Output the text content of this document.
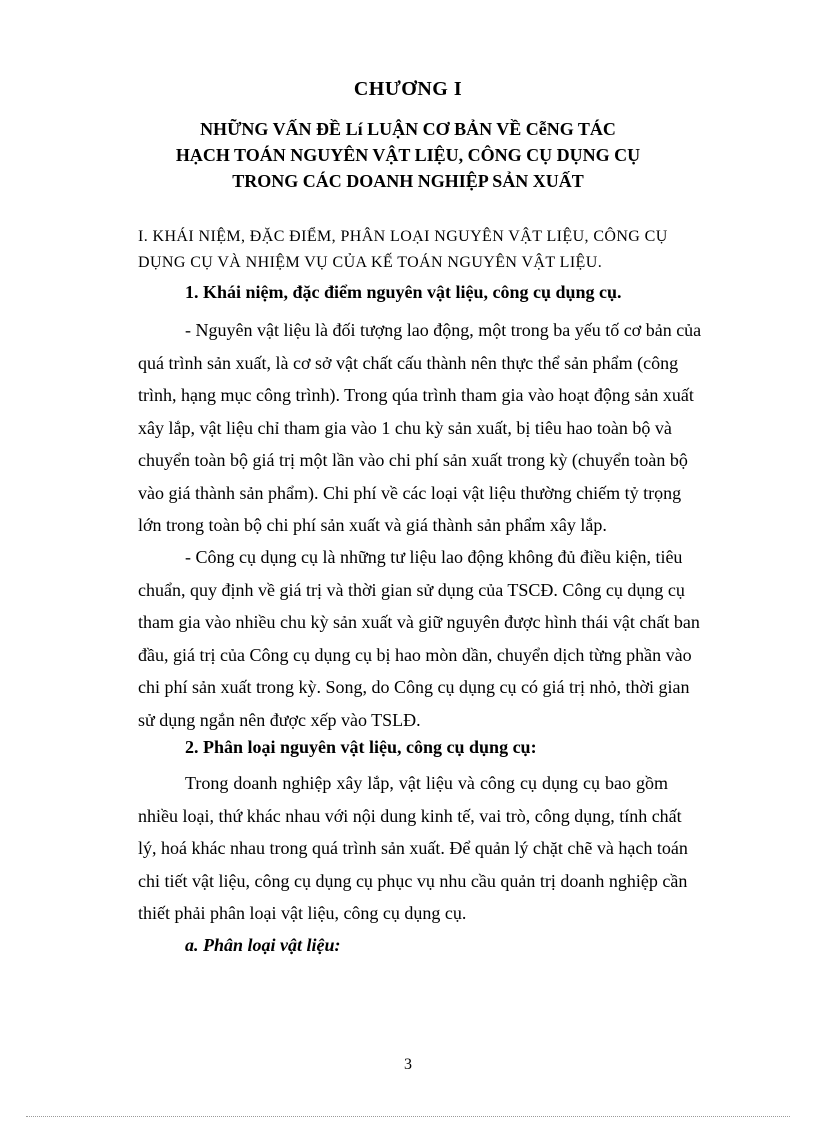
CHƯƠNG I
NHỮNG VẤN ĐỀ Lí LUẬN CƠ BẢN VỀ CễNG TÁC
HẠCH TOÁN NGUYÊN VẬT LIỆU, CÔNG CỤ DỤNG CỤ
TRONG CÁC DOANH NGHIỆP SẢN XUẤT
I. KHÁI NIỆM, ĐẶC ĐIỂM, PHÂN LOẠI NGUYÊN VẬT LIỆU, CÔNG CỤ
DỤNG CỤ VÀ NHIỆM VỤ CỦA KẾ TOÁN NGUYÊN VẬT LIỆU.
1. Khái niệm, đặc điểm nguyên vật liệu, công cụ dụng cụ.
- Nguyên vật liệu là đối tượng lao động, một trong ba yếu tố cơ bản của
quá trình sản xuất, là cơ sở vật chất cấu thành nên thực thể sản phẩm (công
trình, hạng mục công trình). Trong qúa trình tham gia vào hoạt động sản xuất
xây lắp, vật liệu chỉ tham gia vào 1 chu kỳ sản xuất, bị tiêu hao toàn bộ và
chuyển toàn bộ giá trị một lần vào chi phí sản xuất trong kỳ (chuyển toàn bộ
vào giá thành sản phẩm). Chi phí về các loại vật liệu thường chiếm tỷ trọng
lớn trong toàn bộ chi phí sản xuất và giá thành sản phẩm xây lắp.
- Công cụ dụng cụ là những tư liệu lao động không đủ điều kiện, tiêu
chuẩn, quy định về giá trị và thời gian sử dụng của TSCĐ. Công cụ dụng cụ
tham gia vào nhiều chu kỳ sản xuất và giữ nguyên được hình thái vật chất ban
đầu, giá trị của Công cụ dụng cụ bị hao mòn dần, chuyển dịch từng phần vào
chi phí sản xuất trong kỳ. Song, do Công cụ dụng cụ có giá trị nhỏ, thời gian
sử dụng ngắn nên được xếp vào TSLĐ.
2. Phân loại nguyên vật liệu, công cụ dụng cụ:
Trong doanh nghiệp xây lắp, vật liệu và công cụ dụng cụ bao gồm
nhiều loại, thứ khác nhau với nội dung kinh tế, vai trò, công dụng, tính chất
lý, hoá khác nhau trong quá trình sản xuất. Để quản lý chặt chẽ và hạch toán
chi tiết vật liệu, công cụ dụng cụ phục vụ nhu cầu quản trị doanh nghiệp cần
thiết phải phân loại vật liệu, công cụ dụng cụ.
a. Phân loại vật liệu:
3
